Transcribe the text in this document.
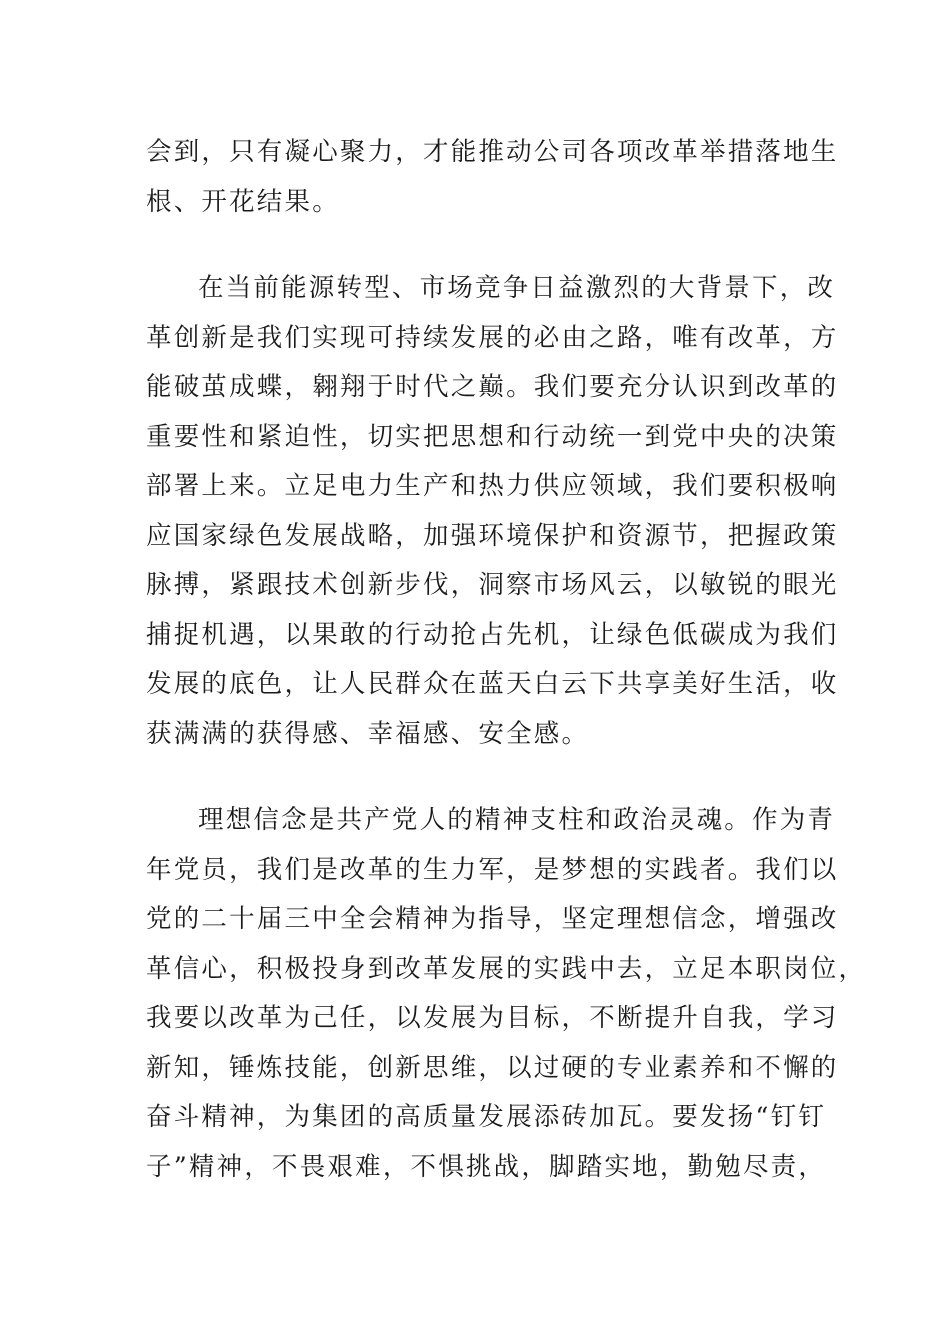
会到，只有凝心聚力，才能推动公司各项改革举措落地生
根、开花结果。

在当前能源转型、市场竞争日益激烈的大背景下，改
革创新是我们实现可持续发展的必由之路，唯有改革，方
能破茧成蝶，翱翔于时代之巅。我们要充分认识到改革的
重要性和紧迫性，切实把思想和行动统一到党中央的决策
部署上来。立足电力生产和热力供应领域，我们要积极响
应国家绿色发展战略，加强环境保护和资源节，把握政策
脉搏，紧跟技术创新步伐，洞察市场风云，以敏锐的眼光
捕捉机遇，以果敢的行动抢占先机，让绿色低碳成为我们
发展的底色，让人民群众在蓝天白云下共享美好生活，收
获满满的获得感、幸福感、安全感。

理想信念是共产党人的精神支柱和政治灵魂。作为青
年党员，我们是改革的生力军，是梦想的实践者。我们以
党的二十届三中全会精神为指导，坚定理想信念，增强改
革信心，积极投身到改革发展的实践中去，立足本职岗位，
我要以改革为己任，以发展为目标，不断提升自我，学习
新知，锤炼技能，创新思维，以过硬的专业素养和不懈的
奋斗精神，为集团的高质量发展添砖加瓦。要发扬“钉钉
子”精神，不畏艰难，不惧挑战，脚踏实地，勤勉尽责，
